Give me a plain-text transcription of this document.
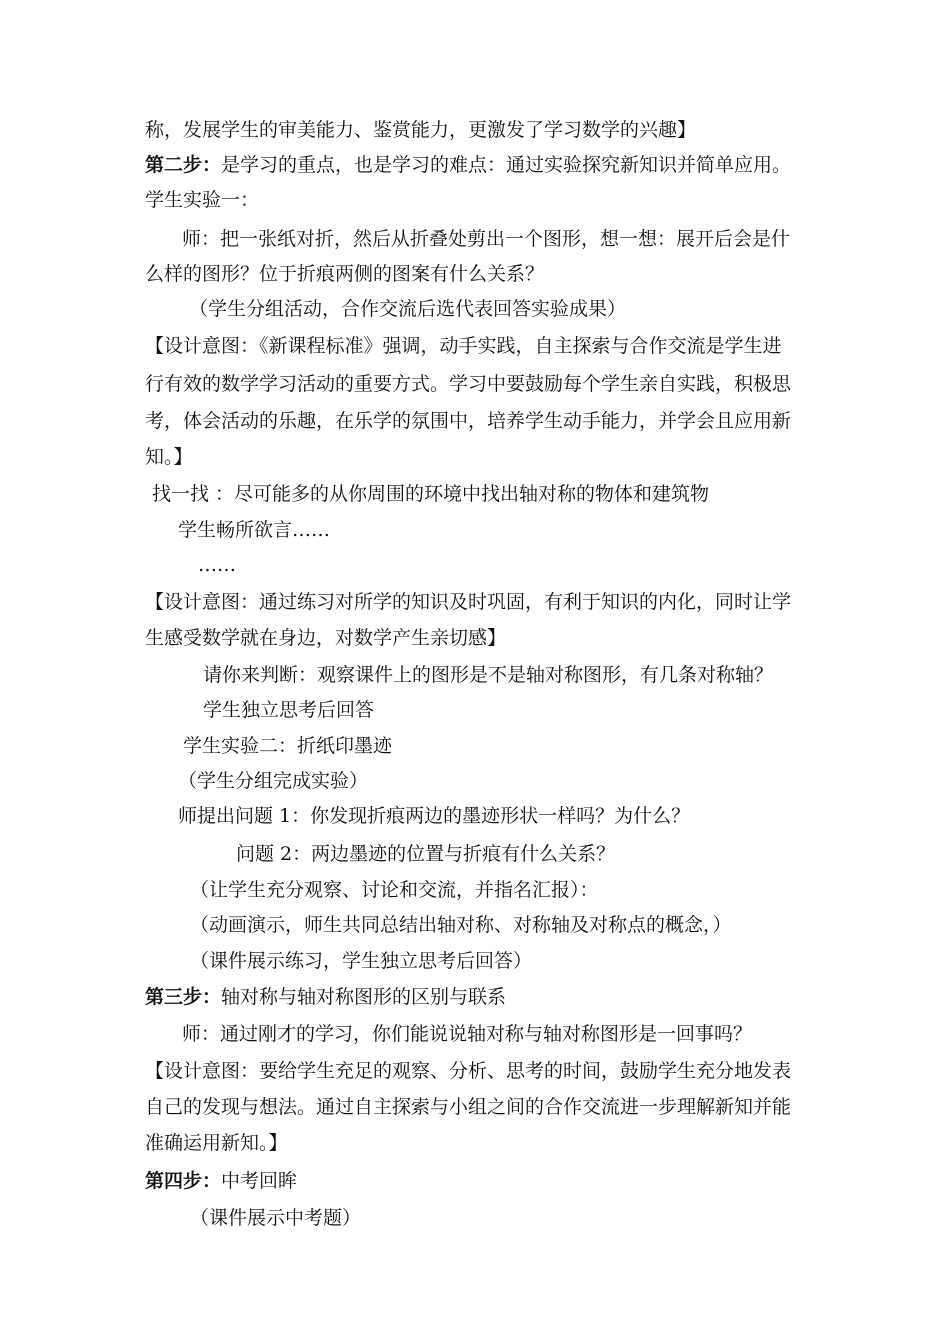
称，发展学生的审美能力、鉴赏能力，更激发了学习数学的兴趣】
第二步：是学习的重点，也是学习的难点：通过实验探究新知识并简单应用。
学生实验一：
师：把一张纸对折，然后从折叠处剪出一个图形，想一想：展开后会是什
么样的图形？位于折痕两侧的图案有什么关系？
（学生分组活动，合作交流后选代表回答实验成果）
【设计意图：《新课程标准》强调，动手实践，自主探索与合作交流是学生进
行有效的数学学习活动的重要方式。学习中要鼓励每个学生亲自实践，积极思
考，体会活动的乐趣，在乐学的氛围中，培养学生动手能力，并学会且应用新
知。】
找一找 ：尽可能多的从你周围的环境中找出轴对称的物体和建筑物
学生畅所欲言……
……
【设计意图：通过练习对所学的知识及时巩固，有利于知识的内化，同时让学
生感受数学就在身边，对数学产生亲切感】
请你来判断：观察课件上的图形是不是轴对称图形，有几条对称轴？
学生独立思考后回答
学生实验二：折纸印墨迹
（学生分组完成实验）
师提出问题 1：你发现折痕两边的墨迹形状一样吗？为什么？
问题 2：两边墨迹的位置与折痕有什么关系？
（让学生充分观察、讨论和交流，并指名汇报）：
（动画演示，师生共同总结出轴对称、对称轴及对称点的概念，）
（课件展示练习，学生独立思考后回答）
第三步：轴对称与轴对称图形的区别与联系
师：通过刚才的学习，你们能说说轴对称与轴对称图形是一回事吗？
【设计意图：要给学生充足的观察、分析、思考的时间，鼓励学生充分地发表
自己的发现与想法。通过自主探索与小组之间的合作交流进一步理解新知并能
准确运用新知。】
第四步：中考回眸
（课件展示中考题）
